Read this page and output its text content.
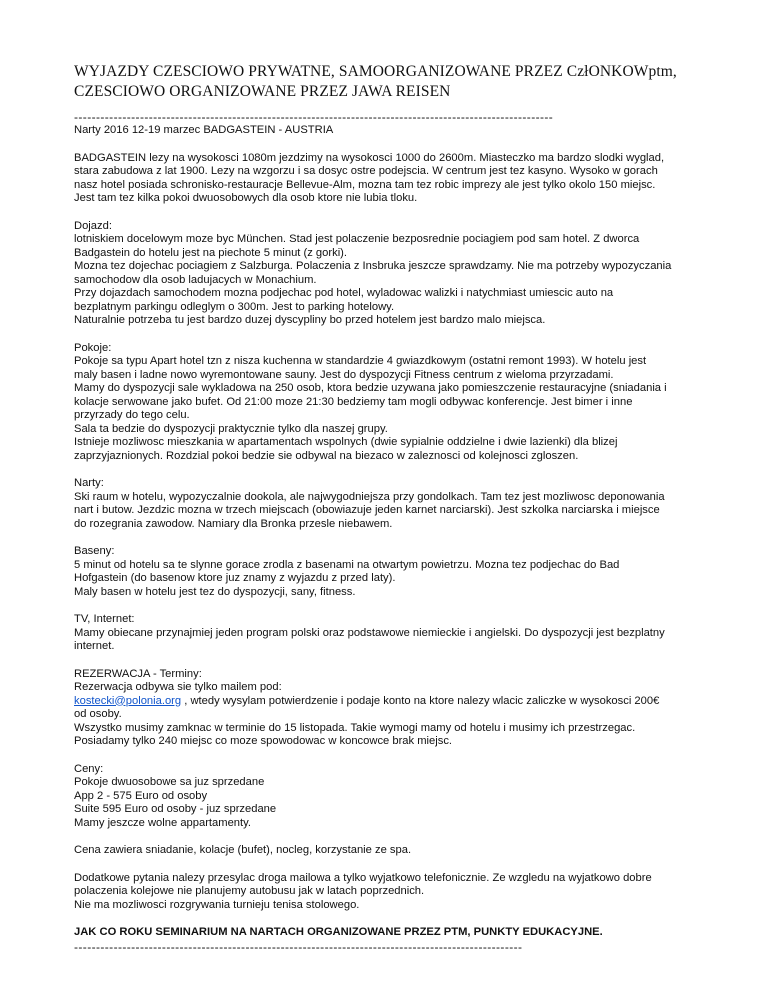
WYJAZDY CZESCIOWO PRYWATNE, SAMOORGANIZOWANE PRZEZ CzłONKOWptm,
CZESCIOWO ORGANIZOWANE PRZEZ JAWA REISEN
-------------------------------------------------------------------------------------------------------------

Narty 2016 12-19 marzec BADGASTEIN - AUSTRIA

BADGASTEIN lezy na wysokosci 1080m jezdzimy na wysokosci 1000 do 2600m. Miasteczko ma bardzo slodki wyglad,

stara zabudowa z lat 1900. Lezy na wzgorzu i sa dosyc ostre podejscia. W centrum jest tez kasyno. Wysoko w gorach

nasz hotel posiada schronisko-restauracje Bellevue-Alm, mozna tam tez robic imprezy ale jest tylko okolo 150 miejsc.

Jest tam tez kilka pokoi dwuosobowych dla osob ktore nie lubia tloku.

Dojazd:

lotniskiem docelowym moze byc München. Stad jest polaczenie bezposrednie pociagiem pod sam hotel. Z dworca

Badgastein do hotelu jest na piechote 5 minut (z gorki).

Mozna tez dojechac pociagiem z Salzburga. Polaczenia z Insbruka jeszcze sprawdzamy. Nie ma potrzeby wypozyczania

samochodow dla osob ladujacych w Monachium.

Przy dojazdach samochodem mozna podjechac pod hotel, wyladowac walizki i natychmiast umiescic auto na

bezplatnym parkingu odleglym o 300m. Jest to parking hotelowy.

Naturalnie potrzeba tu jest bardzo duzej dyscypliny bo przed hotelem jest bardzo malo miejsca.

Pokoje:

Pokoje sa typu Apart hotel tzn z nisza kuchenna w standardzie 4 gwiazdkowym (ostatni remont 1993). W hotelu jest

maly basen i ladne nowo wyremontowane sauny. Jest do dyspozycji Fitness centrum z wieloma przyrzadami.

Mamy do dyspozycji sale wykladowa na 250 osob, ktora bedzie uzywana jako pomieszczenie restauracyjne (sniadania i

kolacje serwowane jako bufet. Od 21:00 moze 21:30 bedziemy tam mogli odbywac konferencje. Jest bimer i inne

przyrzady do tego celu.

Sala ta bedzie do dyspozycji praktycznie tylko dla naszej grupy.

Istnieje mozliwosc mieszkania w apartamentach wspolnych (dwie sypialnie oddzielne i dwie lazienki) dla blizej

zaprzyjaznionych. Rozdzial pokoi bedzie sie odbywal na biezaco w zaleznosci od kolejnosci zgloszen.

Narty:

Ski raum w hotelu, wypozyczalnie dookola, ale najwygodniejsza przy gondolkach. Tam tez jest mozliwosc deponowania

nart i butow. Jezdzic mozna w trzech miejscach (obowiazuje jeden karnet narciarski). Jest szkolka narciarska i miejsce

do rozegrania zawodow. Namiary dla Bronka przesle niebawem.

Baseny:

5 minut od hotelu sa te slynne gorace zrodla z basenami na otwartym powietrzu. Mozna tez podjechac do Bad

Hofgastein (do basenow ktore juz znamy z wyjazdu z przed laty).

Maly basen w hotelu jest tez do dyspozycji, sany, fitness.

TV, Internet:

Mamy obiecane przynajmiej jeden program polski oraz podstawowe niemieckie i angielski. Do dyspozycji jest bezplatny

internet.

REZERWACJA - Terminy:

Rezerwacja odbywa sie tylko mailem pod:

kostecki@polonia.org , wtedy wysylam potwierdzenie i podaje konto na ktore nalezy wlacic zaliczke w wysokosci 200€

od osoby.

Wszystko musimy zamknac w terminie do 15 listopada. Takie wymogi mamy od hotelu i musimy ich przestrzegac.

Posiadamy tylko 240 miejsc co moze spowodowac w koncowce brak miejsc.

Ceny:

Pokoje dwuosobowe sa juz sprzedane

App 2 - 575 Euro od osoby

Suite 595 Euro od osoby - juz sprzedane

Mamy jeszcze wolne appartamenty.

Cena zawiera sniadanie, kolacje (bufet), nocleg, korzystanie ze spa.

Dodatkowe pytania nalezy przesylac droga mailowa a tylko wyjatkowo telefonicznie. Ze wzgledu na wyjatkowo dobre

polaczenia kolejowe nie planujemy autobusu jak w latach poprzednich.

Nie ma mozliwosci rozgrywania turnieju tenisa stolowego.

JAK CO ROKU SEMINARIUM NA NARTACH ORGANIZOWANE PRZEZ PTM, PUNKTY EDUKACYJNE.

------------------------------------------------------------------------------------------------------
